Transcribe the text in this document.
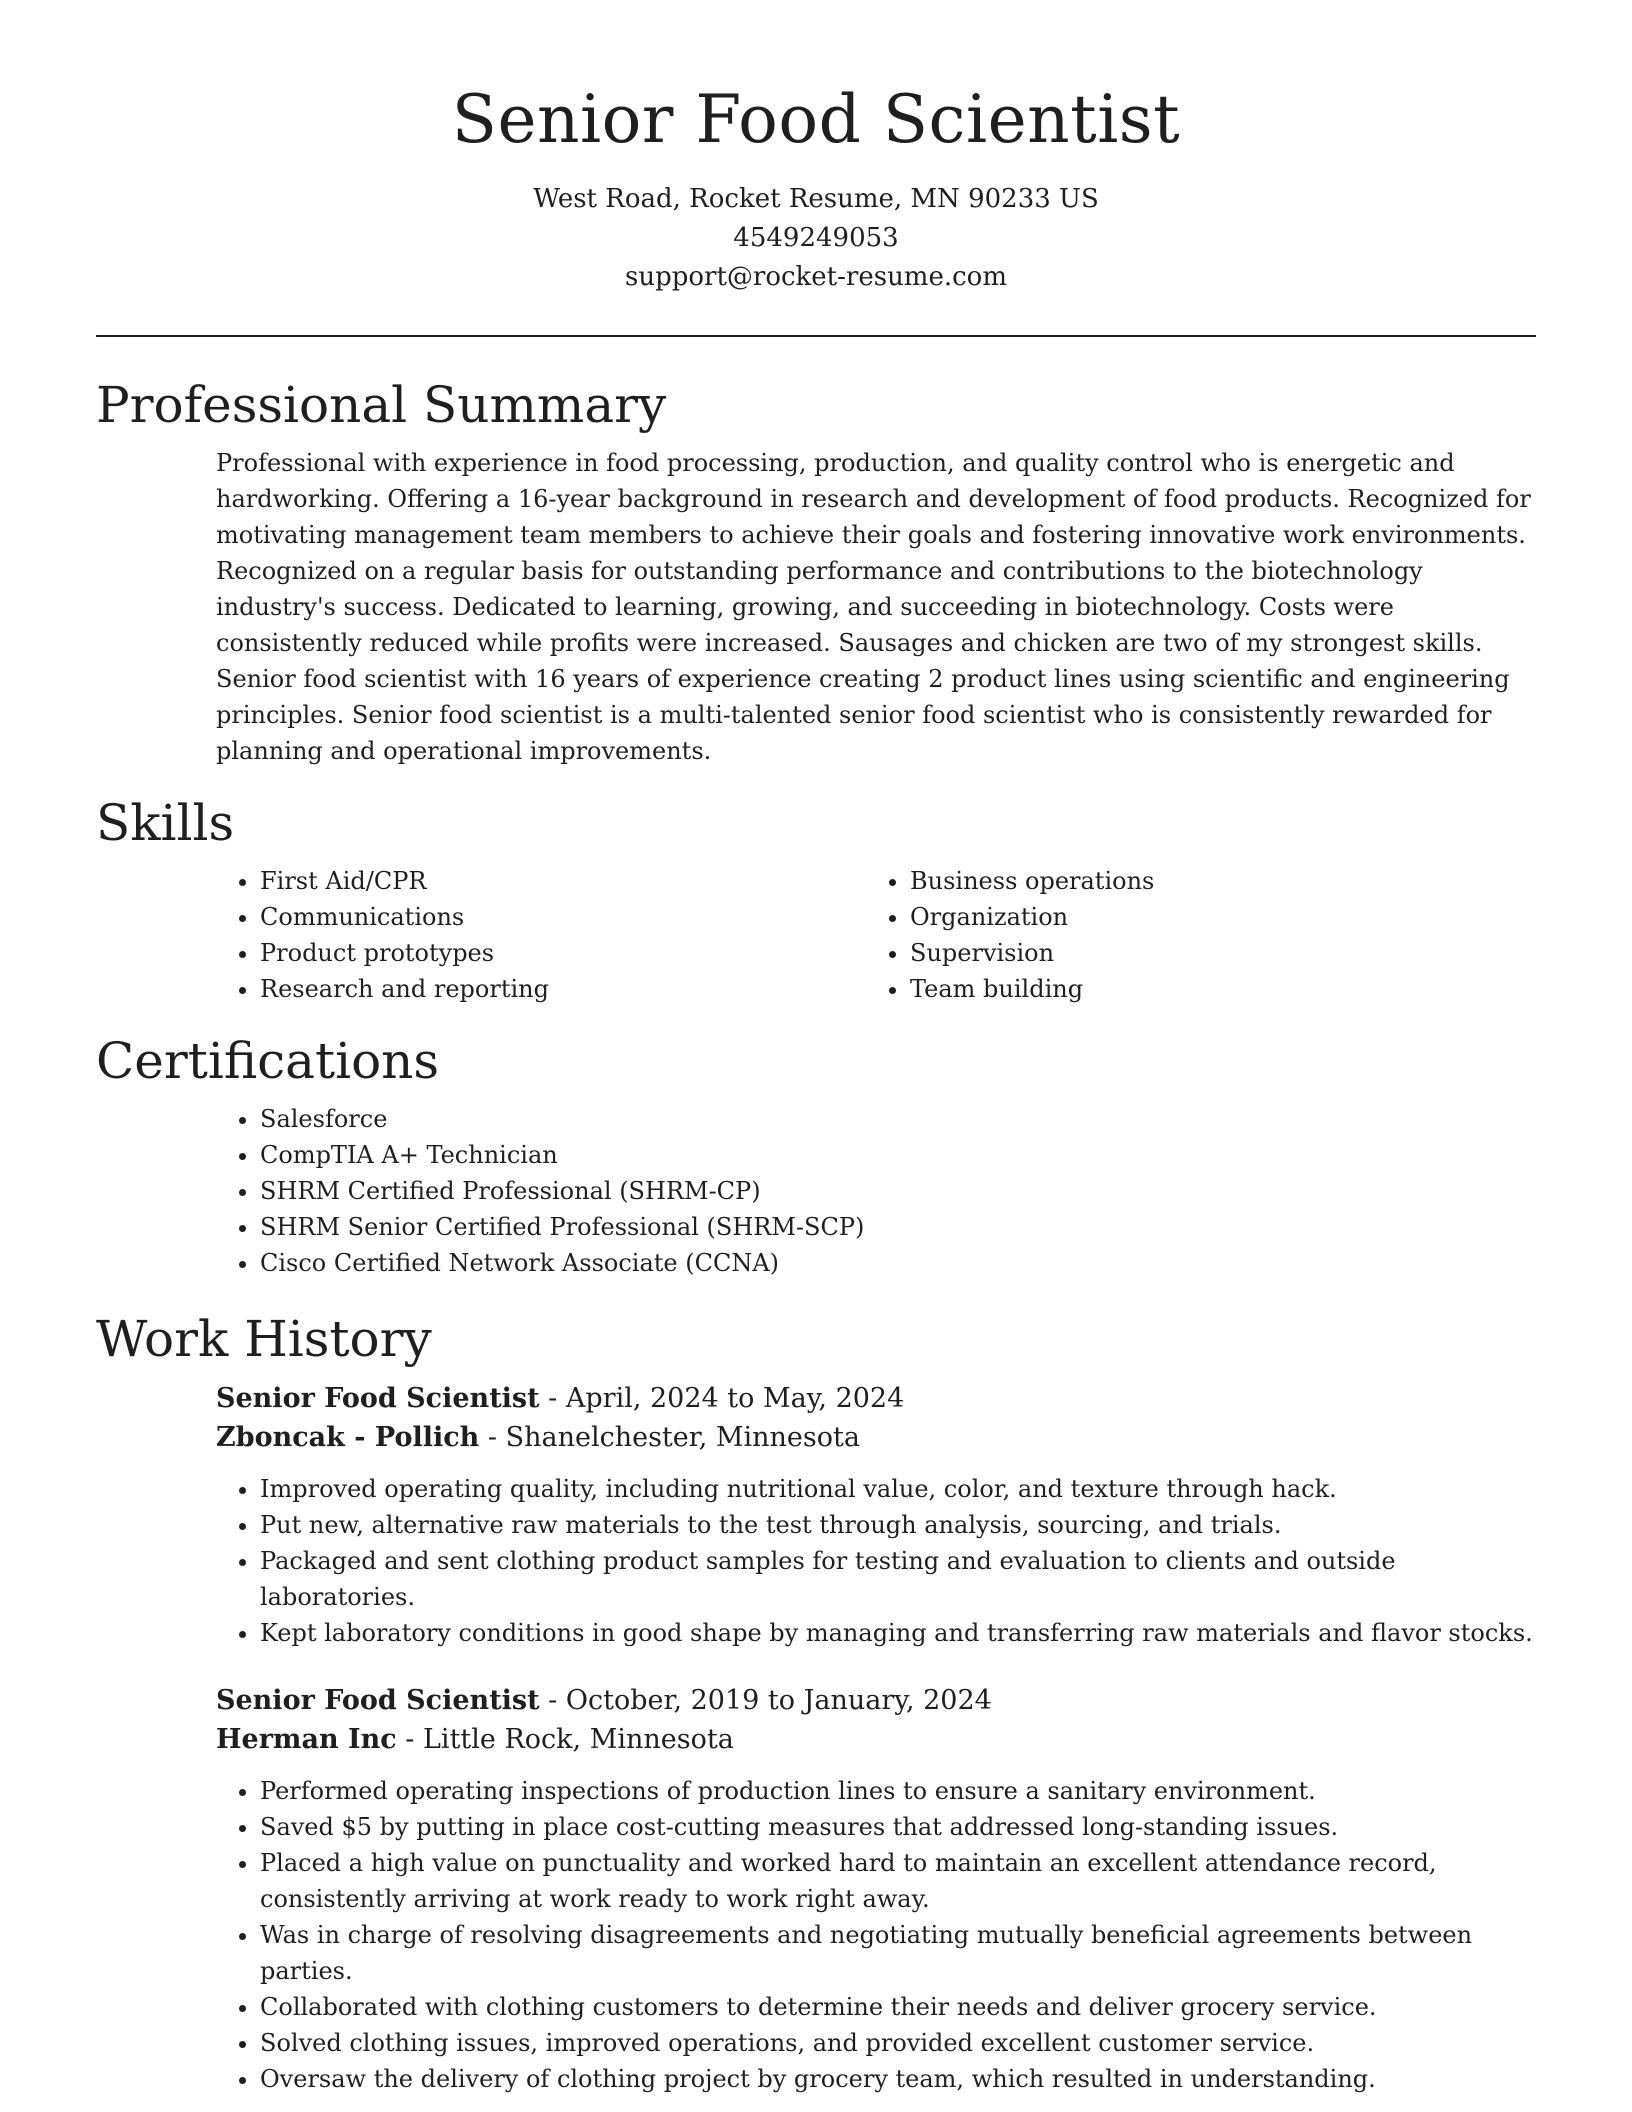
Senior Food Scientist

West Road, Rocket Resume, MN 90233 US

4549249053

support@rocket-resume.com

Professional Summary

Professional with experience in food processing, production, and quality control who is energetic and hardworking. Offering a 16-year background in research and development of food products. Recognized for motivating management team members to achieve their goals and fostering innovative work environments. Recognized on a regular basis for outstanding performance and contributions to the biotechnology industry's success. Dedicated to learning, growing, and succeeding in biotechnology. Costs were consistently reduced while profits were increased. Sausages and chicken are two of my strongest skills. Senior food scientist with 16 years of experience creating 2 product lines using scientific and engineering principles. Senior food scientist is a multi-talented senior food scientist who is consistently rewarded for planning and operational improvements.

Skills
• First Aid/CPR
• Communications
• Product prototypes
• Research and reporting
• Business operations
• Organization
• Supervision
• Team building
Certifications
• Salesforce
• CompTIA A+ Technician
• SHRM Certified Professional (SHRM-CP)
• SHRM Senior Certified Professional (SHRM-SCP)
• Cisco Certified Network Associate (CCNA)
Work History
Senior Food Scientist - April, 2024 to May, 2024
Zboncak - Pollich - Shanelchester, Minnesota
• Improved operating quality, including nutritional value, color, and texture through hack.
• Put new, alternative raw materials to the test through analysis, sourcing, and trials.
• Packaged and sent clothing product samples for testing and evaluation to clients and outside laboratories.
• Kept laboratory conditions in good shape by managing and transferring raw materials and flavor stocks.
Senior Food Scientist - October, 2019 to January, 2024
Herman Inc - Little Rock, Minnesota
• Performed operating inspections of production lines to ensure a sanitary environment.
• Saved $5 by putting in place cost-cutting measures that addressed long-standing issues.
• Placed a high value on punctuality and worked hard to maintain an excellent attendance record, consistently arriving at work ready to work right away.
• Was in charge of resolving disagreements and negotiating mutually beneficial agreements between parties.
• Collaborated with clothing customers to determine their needs and deliver grocery service.
• Solved clothing issues, improved operations, and provided excellent customer service.
• Oversaw the delivery of clothing project by grocery team, which resulted in understanding.
